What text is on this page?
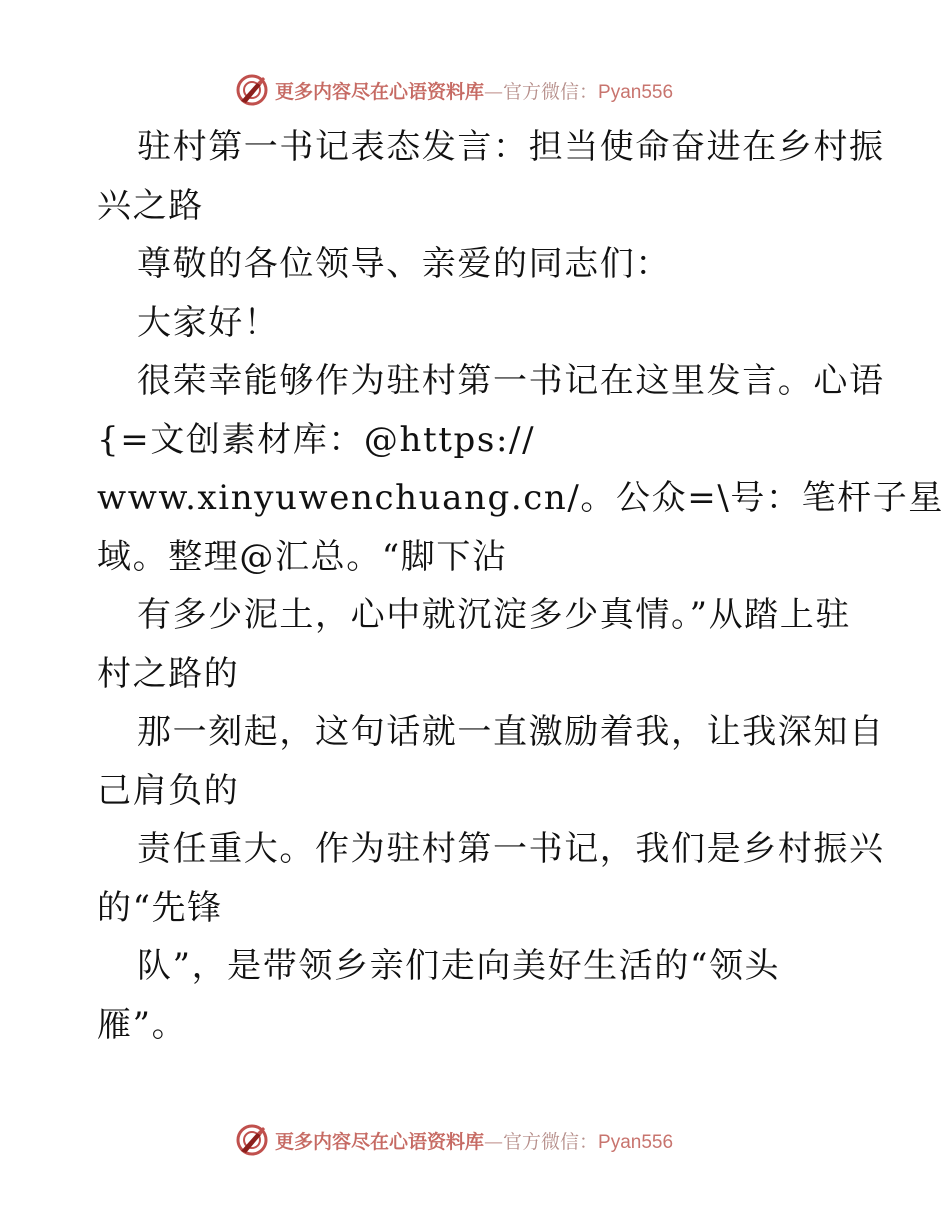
更多内容尽在心语资料库—官方微信：Pyan556
驻村第一书记表态发言：担当使命奋进在乡村振
兴之路
尊敬的各位领导、亲爱的同志们：
大家好！
很荣幸能够作为驻村第一书记在这里发言。心语
{=文创素材库：@https://
www.xinyuwenchuang.cn/。公众=\号：笔杆子星
域。整理@汇总。“脚下沾
有多少泥土，心中就沉淀多少真情。”从踏上驻
村之路的
那一刻起，这句话就一直激励着我，让我深知自
己肩负的
责任重大。作为驻村第一书记，我们是乡村振兴
的“先锋
队”，是带领乡亲们走向美好生活的“领头
雁”。
更多内容尽在心语资料库—官方微信：Pyan556
